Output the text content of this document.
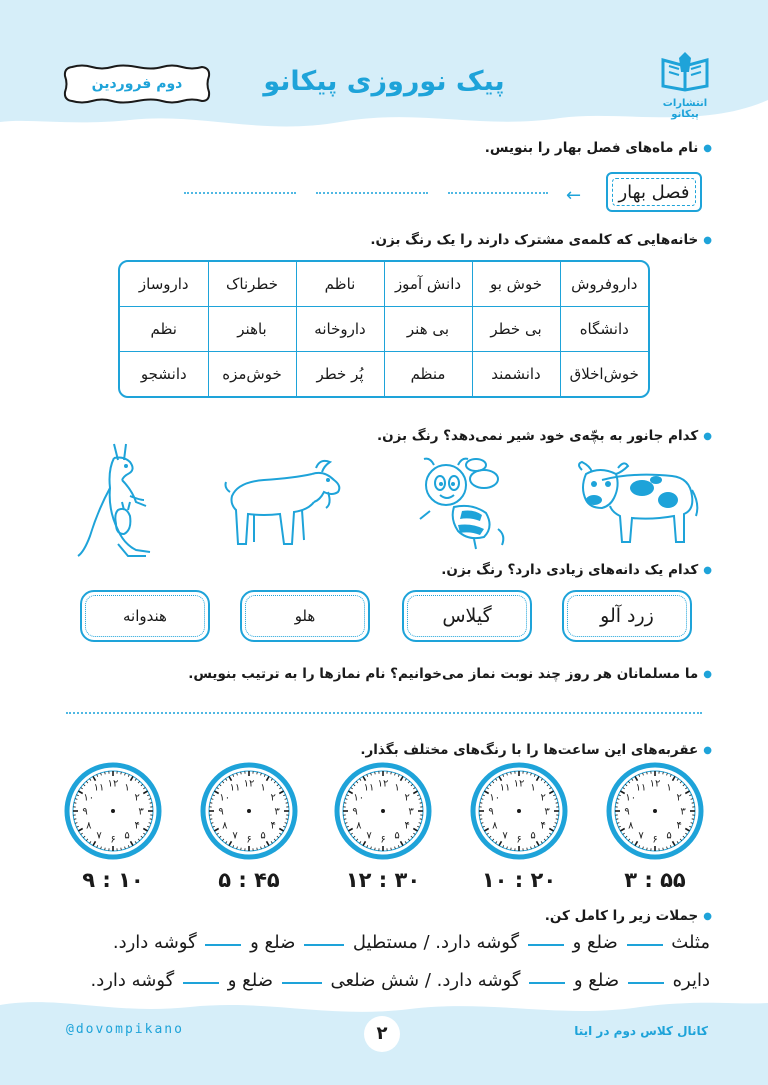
انتشارات پیکانو
پیک نوروزی پیکانو
دوم فروردین
● نام ماه‌های فصل بهار را بنویس.
فصل بهار
←
● خانه‌هایی که کلمه‌ی مشترک دارند را یک رنگ بزن.
داروفروش	خوش بو	دانش آموز	ناظم	خطرناک	داروساز
دانشگاه	بی خطر	بی هنر	داروخانه	باهنر	نظم
خوش‌اخلاق	دانشمند	منظم	پُر خطر	خوش‌مزه	دانشجو
● کدام جانور به بچّه‌ی خود شیر نمی‌دهد؟ رنگ بزن.
● کدام یک دانه‌های زیادی دارد؟ رنگ بزن.
زرد آلو
گیلاس
هلو
هندوانه
● ما مسلمانان هر روز چند نوبت نماز می‌خوانیم؟ نام نمازها را به ترتیب بنویس.
● عقربه‌های این ساعت‌ها را با رنگ‌های مختلف بگذار.
۱۲ ۱
۲
۳
۴
۵
۶
۷
۸
۹
۱۰
۱۱
۱۲ ۱
۲
۳
۴
۵
۶
۷
۸
۹
۱۰
۱۱
۱۲ ۱
۲
۳
۴
۵
۶
۷
۸
۹
۱۰
۱۱
۱۲ ۱
۲
۳
۴
۵
۶
۷
۸
۹
۱۰
۱۱
۱۲ ۱
۲
۳
۴
۵
۶
۷
۸
۹
۱۰
۱۱
۳ : ۵۵
۱۰ : ۲۰
۱۲ : ۳۰
۵ : ۴۵
۹ : ۱۰
● جملات زیر را کامل کن.
مثلث  ضلع و  گوشه دارد. / مستطیل  ضلع و  گوشه دارد.
دایره  ضلع و  گوشه دارد. / شش ضلعی  ضلع و  گوشه دارد.
@dovompikano	۲	کانال کلاس دوم در ایتا
